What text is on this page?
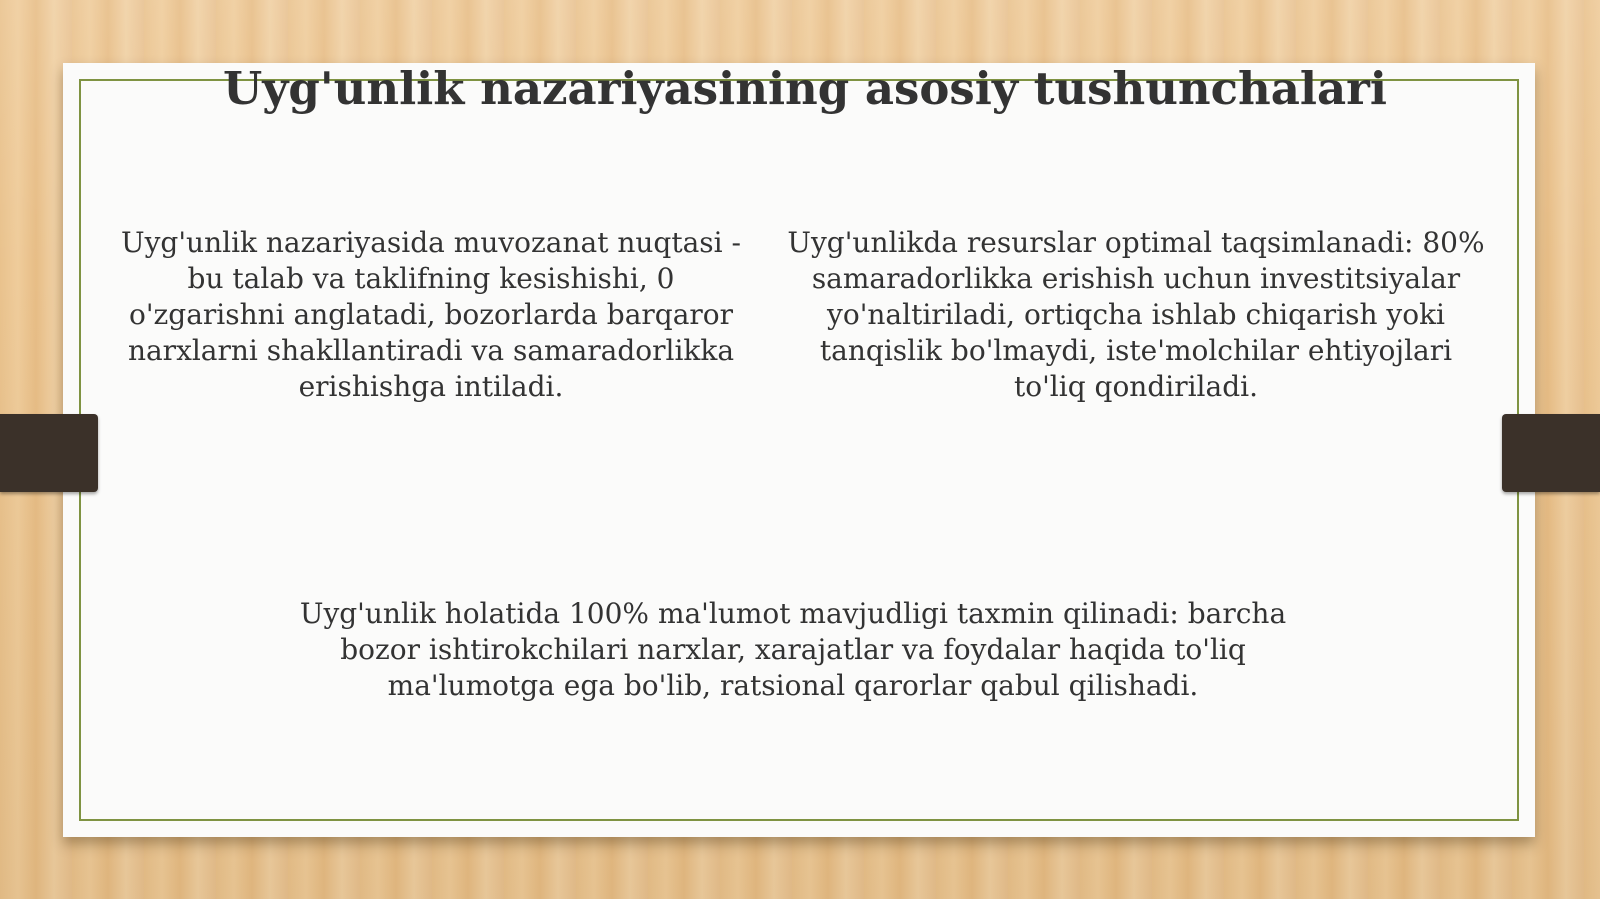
Uyg'unlik nazariyasining asosiy tushunchalari

Uyg'unlik nazariyasida muvozanat nuqtasi - bu talab va taklifning kesishishi, 0 o'zgarishni anglatadi, bozorlarda barqaror narxlarni shakllantiradi va samaradorlikka erishishga intiladi.

Uyg'unlikda resurslar optimal taqsimlanadi: 80% samaradorlikka erishish uchun investitsiyalar yo'naltiriladi, ortiqcha ishlab chiqarish yoki tanqislik bo'lmaydi, iste'molchilar ehtiyojlari to'liq qondiriladi.

Uyg'unlik holatida 100% ma'lumot mavjudligi taxmin qilinadi: barcha bozor ishtirokchilari narxlar, xarajatlar va foydalar haqida to'liq ma'lumotga ega bo'lib, ratsional qarorlar qabul qilishadi.
